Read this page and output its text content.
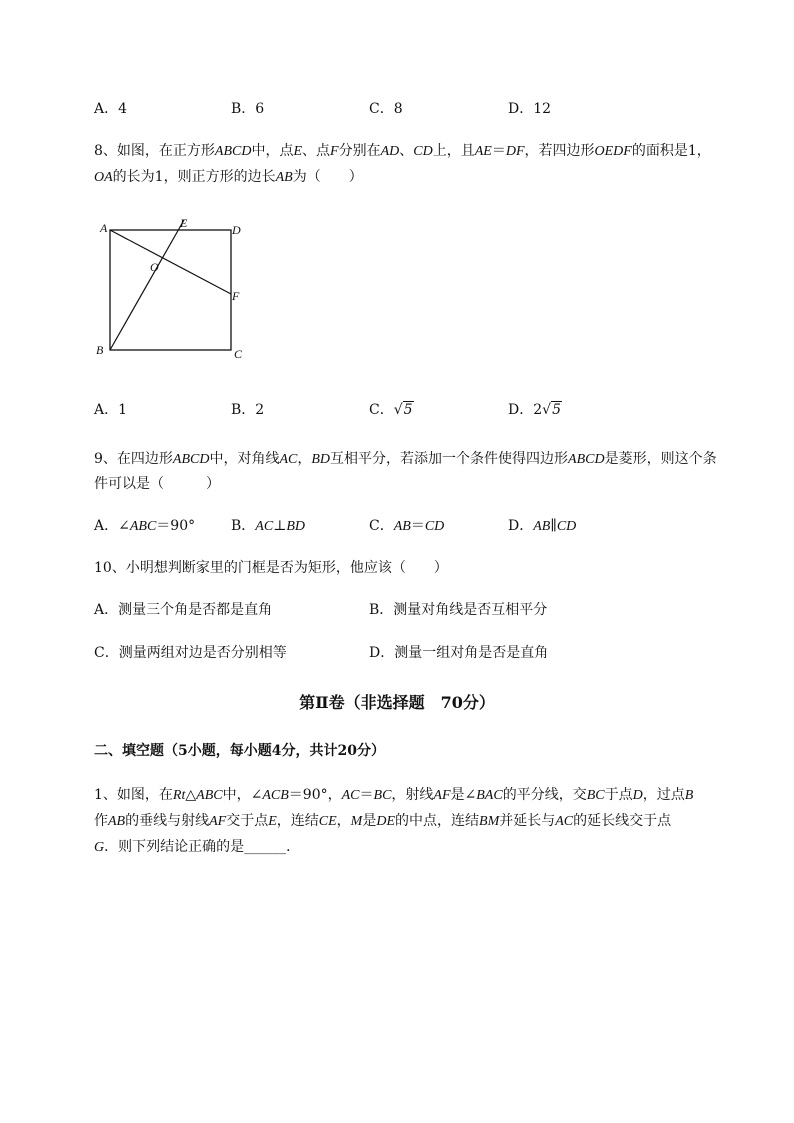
A．4	B．6	C．8	D．12
8、如图，在正方形ABCD中，点E、点F分别在AD、CD上，且AE＝DF，若四边形OEDF的面积是1，
OA的长为1，则正方形的边长AB为（　　）
A	E	D
O
F
B	C
A．1	B．2	C．√5	D．2√5
9、在四边形ABCD中，对角线AC，BD互相平分，若添加一个条件使得四边形ABCD是菱形，则这个条
件可以是（　　　）
A．∠ABC＝90°	B．AC⊥BD	C．AB＝CD	D．AB∥CD
10、小明想判断家里的门框是否为矩形，他应该（　　）
A．测量三个角是否都是直角	B．测量对角线是否互相平分
C．测量两组对边是否分别相等	D．测量一组对角是否是直角
第Ⅱ卷（非选择题　70分）
二、填空题（5小题，每小题4分，共计20分）
1、如图，在Rt△ABC中，∠ACB＝90°，AC＝BC，射线AF是∠BAC的平分线，交BC于点D，过点B
作AB的垂线与射线AF交于点E，连结CE，M是DE的中点，连结BM并延长与AC的延长线交于点
G．则下列结论正确的是______．
